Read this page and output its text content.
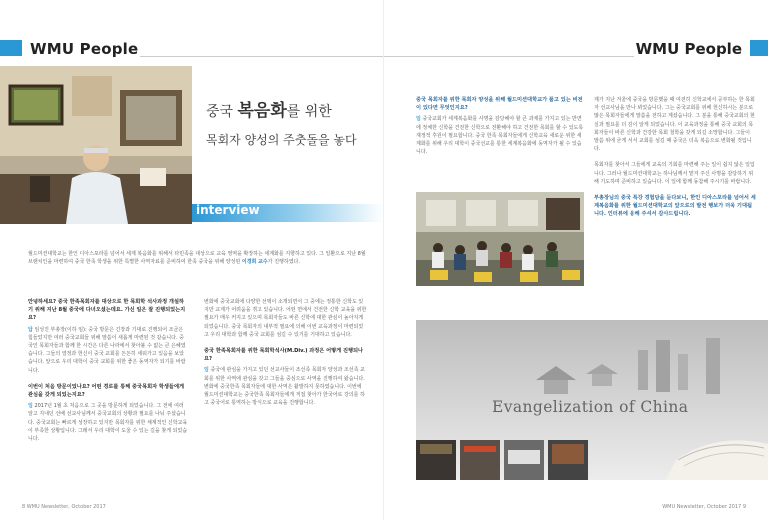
WMU People
중국 복음화를 위한
목회자 양성의 주춧돌을 놓다
interview
월드미션대학교는 한인 디아스포라를 넘어서 세계 복음화를 위해서 타민족을 대상으로 교육 영역을 확장하는 세계화를 지향하고 있다. 그 일환으로 지난 8월 브랜치인을 마련하여 중국 한족 학생을 위한 특별한 사역자료를 준비하여 한족 중국을 위해 양성된 이경희 교수가 진행하였다.
안녕하세요? 중국 한족목회자를 대상으로 한 목회학 석사과정 개설하기 위해 지난 8월 중국에 다녀오셨는데요. 가신 일은 잘 진행되었는지요?
답 임성진 부총장(이하 임): 중국 방문은 긴장과 기대로 진행되어 조금은 힘들었지만 여러 중국교회들 위해 말씀이 새롭게 마련된 것 같습니다. 중국인 목회자들과 함께 한 시간은 다른 나라에서 찾아볼 수 없는 큰 은혜였습니다. 그들의 열정과 헌신이 중국 교회를 든든히 세워가고 있음을 보았습니다. 앞으로 우리 대학이 중국 교회를 위한 좋은 동역자가 되기를 바랍니다.
이번이 처음 방문이었나요? 어떤 경로를 통해 중국목회자 학생들에게 관심을 갖게 되었는지요?
임 2017년 1월 초 처음으로 그 곳을 방문하게 되었습니다. 그 전에 여러 알고 지내던 선배 선교사님께서 중국교회의 상황과 필요를 나눠 주셨습니다. 중국교회는 빠르게 성장하고 있지만 목회자를 위한 체계적인 신학교육이 부족한 상황입니다. 그래서 우리 대학이 도울 수 있는 길을 찾게 되었습니다.
변화에 중국교회에 다양한 선택이 소개되면서 그 중에는 정통한 신학도 있지만 교계가 어려움을 겪고 있습니다. 어떤 면에서 건전한 신학 교육을 위한 필요가 매우 커지고 있으며 목회자들도 바른 신학에 대한 관심이 높아지게 되었습니다. 중국 목회자의 내부적 필요에 의해 이번 교육과정이 마련되었고 우리 대학과 함께 중국 교회를 섬길 수 있기를 기대하고 있습니다.
중국 한족목회자를 위한 목회학석사(M.Div.) 과정은 어떻게 진행되나요?
임 중국에 관심을 가지고 있던 선교사들이 조선족 목회자 양성과 조선족 교회를 위한 사역에 관심을 갖고 그들을 중심으로 사역을 진행하여 왔습니다. 변화에 중국한족 목회자들에 대한 사역은 활발하지 못하였습니다. 이번에 월드미션대학교는 중국한족 목회자들에게 직접 찾아가 한국어로 강의를 하고 중국어로 통역하는 방식으로 교육을 진행합니다.
8 WMU Newsletter, October 2017
WMU People
중국 목회자를 위한 목회자 양성을 위해 월드미션대학교가 품고 있는 비전이 있다면 무엇인지요?
임 중국교회가 세계복음화를 사명을 감당해야 할 큰 과제를 가지고 있는 반면에 정체한 신학을 건전한 신학으로 전환해야 하고 건전한 목회를 할 수 있도록 재정적 후원이 필요합니다. 중국 한족 목회자들에게 신학교육 새로운 위한 세계화를 위해 우리 대학이 중국선교를 통한 세계복음화에 동역자가 될 수 있습니다.
제가 지난 겨울에 중국을 방문했을 때 여전히 신학교에서 공부하는 한 목회자 선교사님을 만나 뵈었습니다. 그는 중국교회를 위해 헌신하시는 분으로 많은 목회자들에게 말씀을 전하고 계셨습니다. 그 분을 통해 중국교회의 현실과 필요를 더 깊이 알게 되었습니다. 이 교육과정을 통해 중국 교회의 목회자들이 바른 신학과 건강한 목회 철학을 갖게 되길 소망합니다. 그들이 말씀 위에 굳게 서서 교회를 섬길 때 중국은 더욱 복음으로 변화될 것입니다.
목회자를 찾아서 그들에게 교육의 기회를 마련해 주는 일이 쉽지 않은 일입니다. 그러나 월드미션대학교는 하나님께서 맡겨 주신 사명을 감당하기 위해 기도하며 준비하고 있습니다. 이 일에 함께 동참해 주시기를 바랍니다.
부총장님의 중국 특강 경험담을 듣다보니, 한인 디아스포라를 넘어서 세계복음화를 위한 월드미션대학교의 앞으로의 발전 행보가 더욱 기대됩니다. 인터뷰에 응해 주셔서 감사드립니다.
Evangelization of China
WMU Newsletter, October 2017 9
